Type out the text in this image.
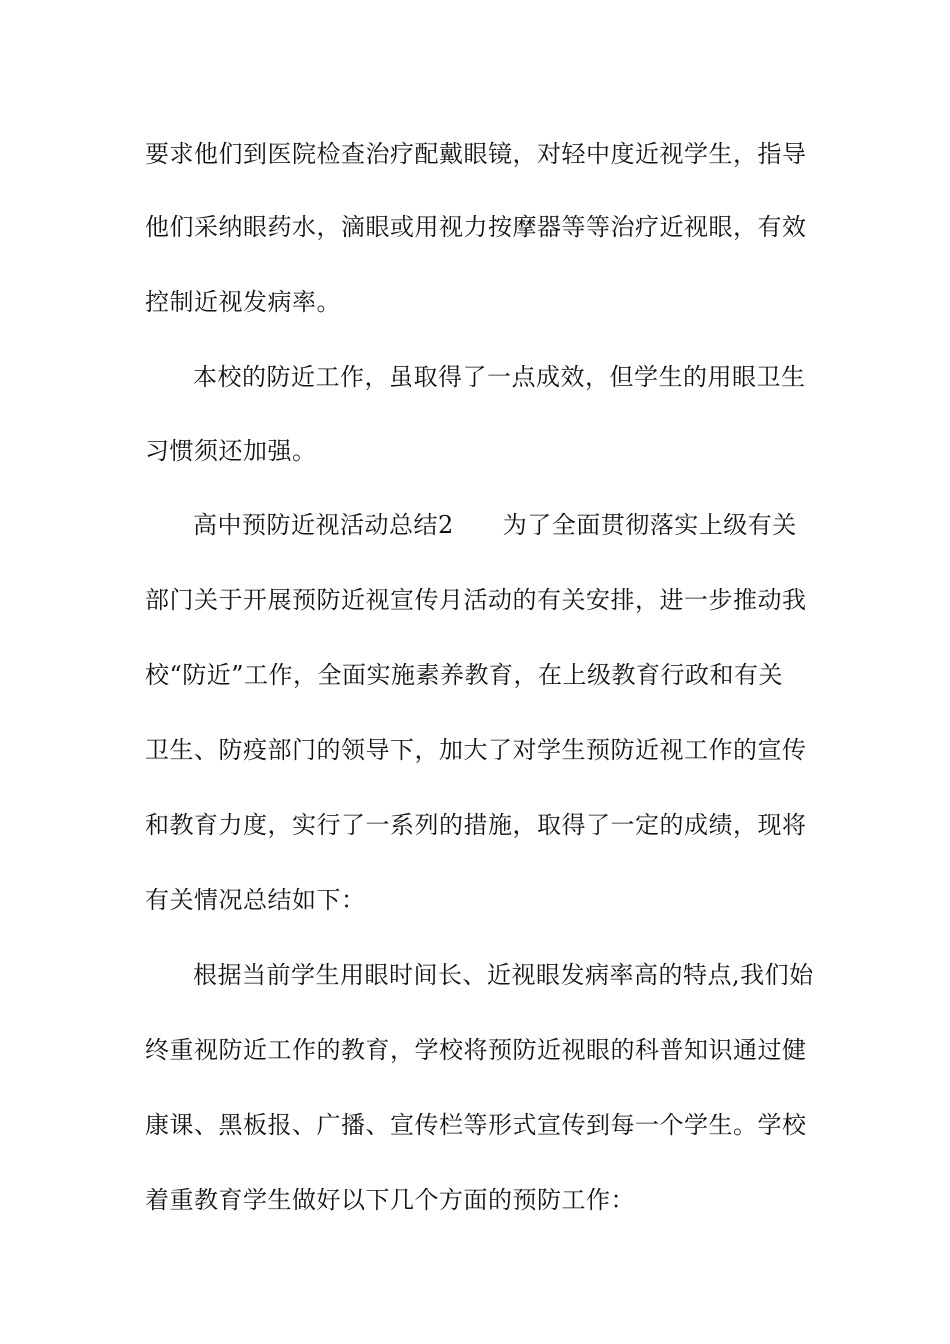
要求他们到医院检查治疗配戴眼镜，对轻中度近视学生，指导
他们采纳眼药水，滴眼或用视力按摩器等等治疗近视眼，有效
控制近视发病率。
本校的防近工作，虽取得了一点成效，但学生的用眼卫生
习惯须还加强。
高中预防近视活动总结2　　为了全面贯彻落实上级有关
部门关于开展预防近视宣传月活动的有关安排，进一步推动我
校“防近”工作，全面实施素养教育，在上级教育行政和有关
卫生、防疫部门的领导下，加大了对学生预防近视工作的宣传
和教育力度，实行了一系列的措施，取得了一定的成绩，现将
有关情况总结如下：
根据当前学生用眼时间长、近视眼发病率高的特点,我们始
终重视防近工作的教育，学校将预防近视眼的科普知识通过健
康课、黑板报、广播、宣传栏等形式宣传到每一个学生。学校
着重教育学生做好以下几个方面的预防工作：
